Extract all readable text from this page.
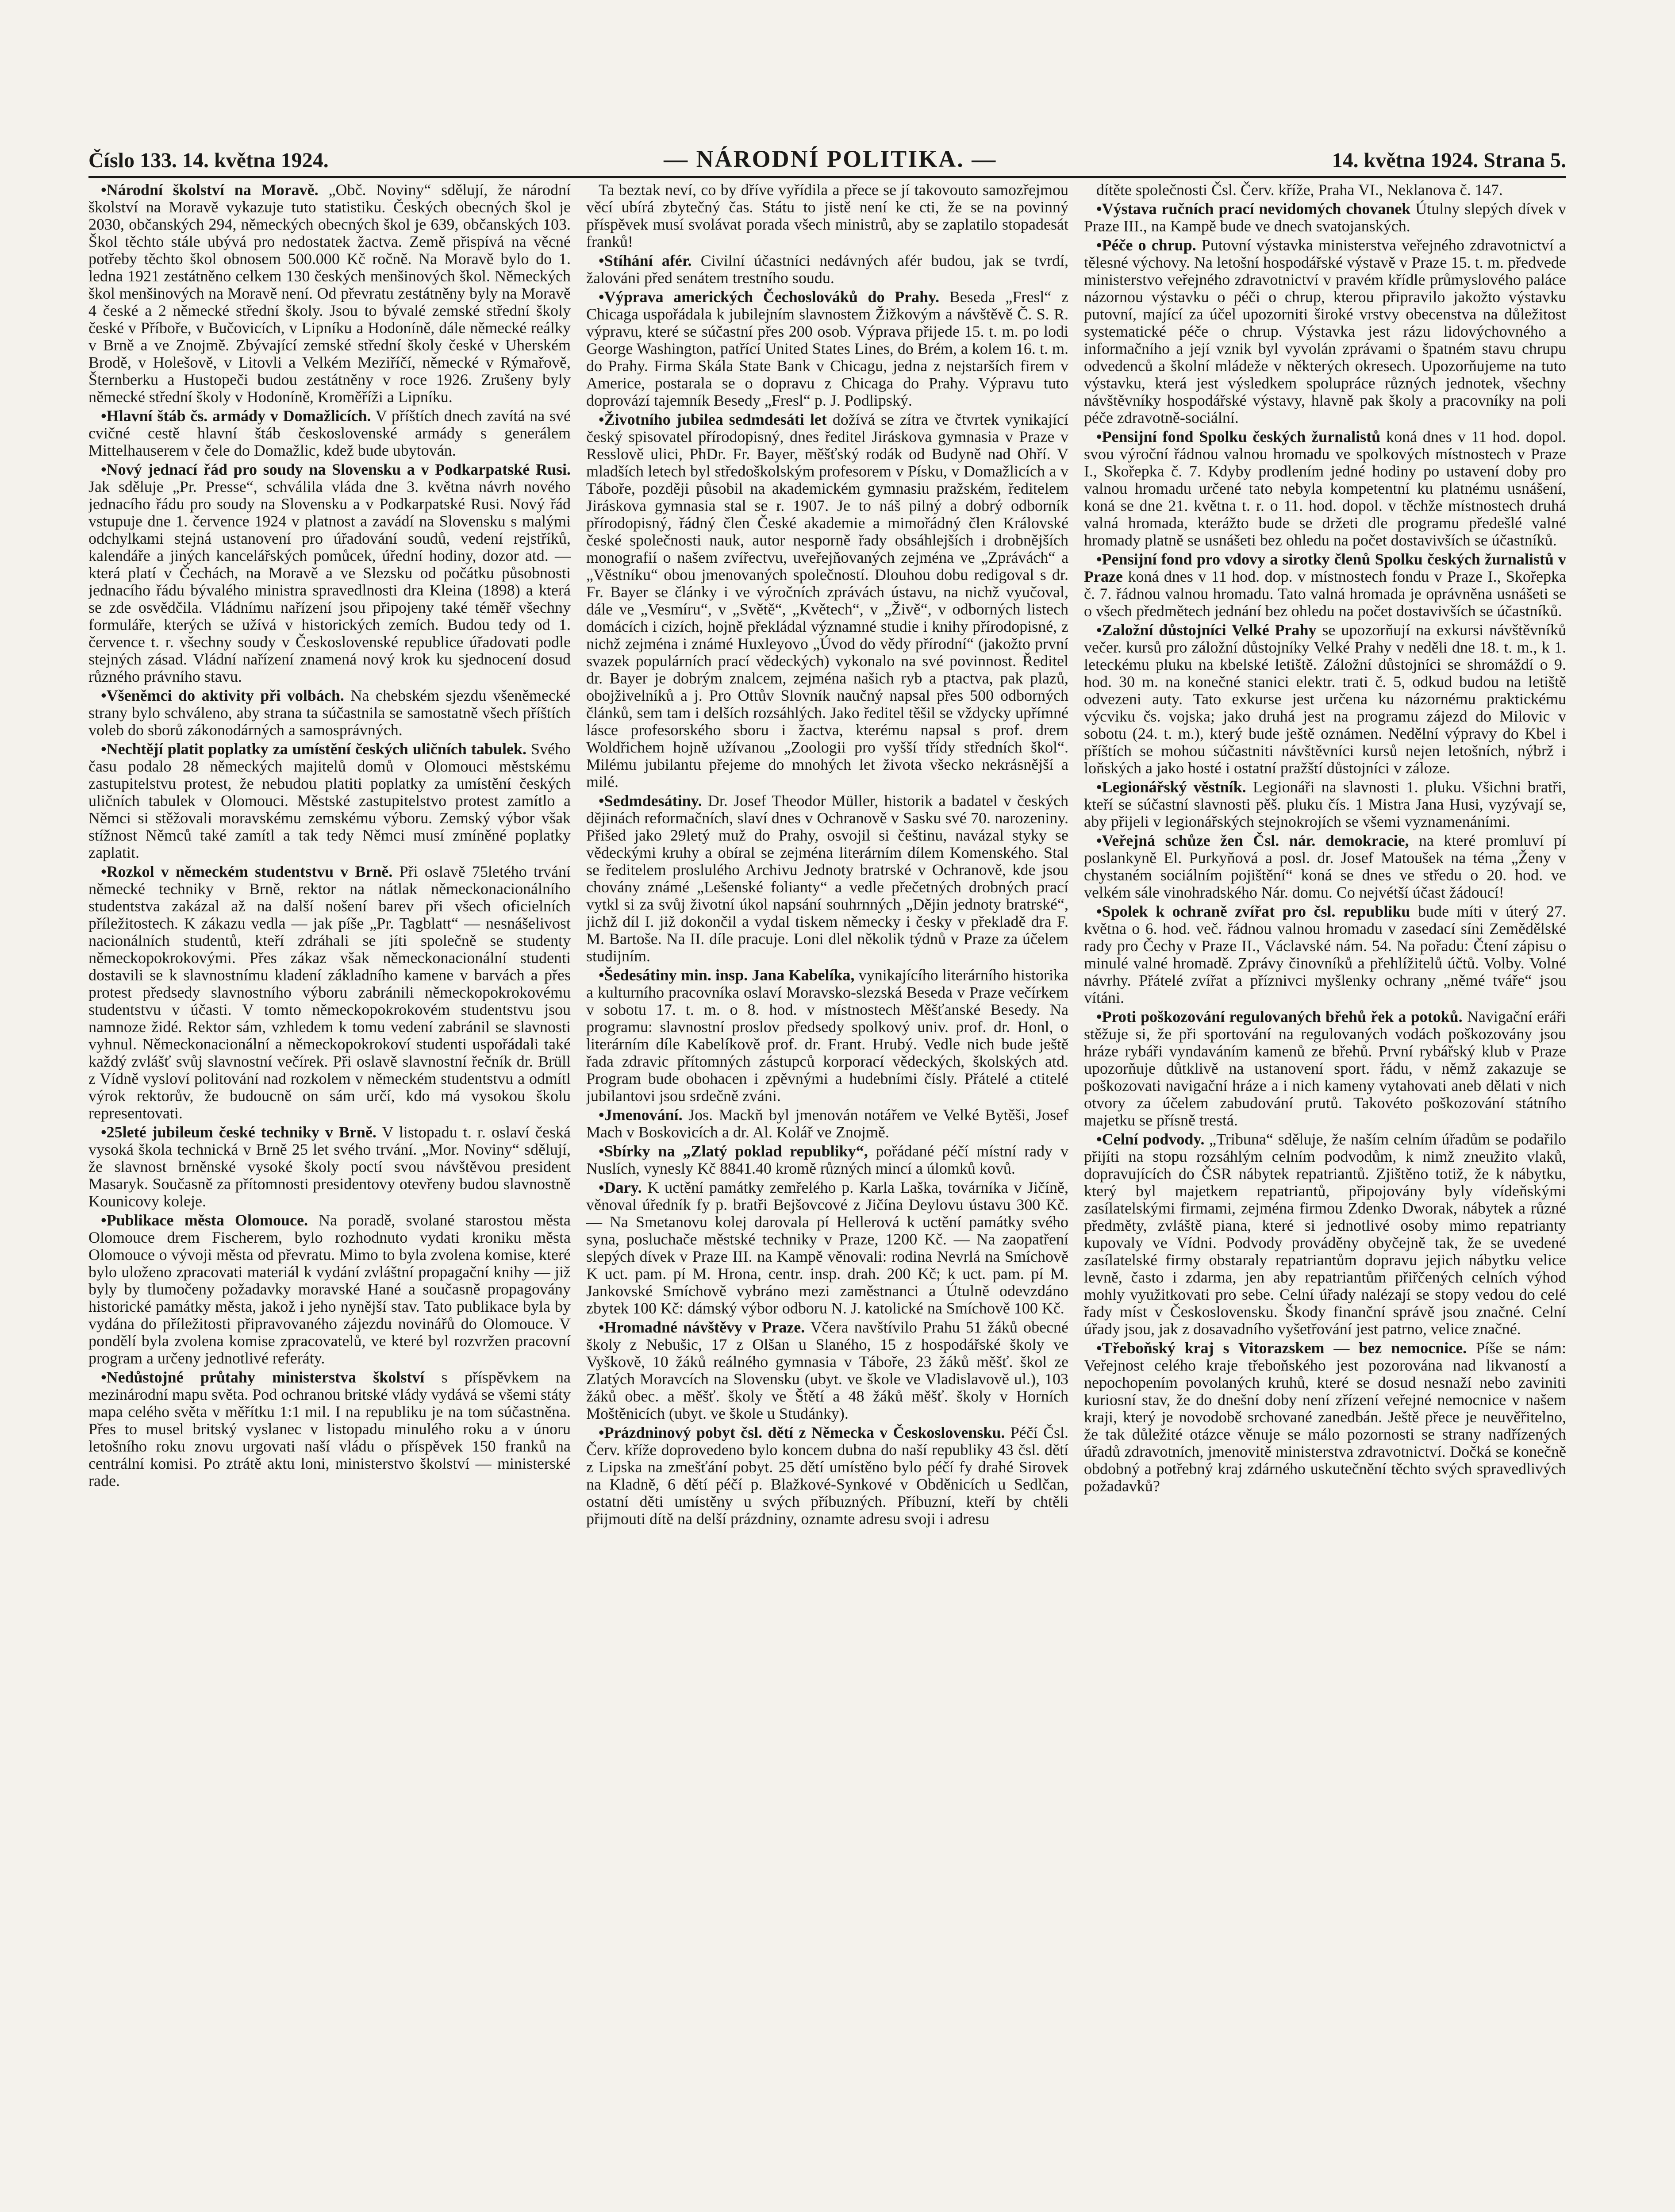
Číslo 133. 14. května 1924.	— NÁRODNÍ POLITIKA. —	14. května 1924. Strana 5.

• Národní školství na Moravě. „Obč. Noviny“ sdělují, že národní školství na Moravě vykazuje tuto statistiku. Českých obecných škol je 2030, občanských 294, německých obecných škol je 639, občanských 103. Škol těchto stále ubývá pro nedostatek žactva. Země přispívá na věcné potřeby těchto škol obnosem 500.000 Kč ročně. Na Moravě bylo do 1. ledna 1921 zestátněno celkem 130 českých menšinových škol. Německých škol menšinových na Moravě není. Od převratu zestátněny byly na Moravě 4 české a 2 německé střední školy. Jsou to bývalé zemské střední školy české v Příboře, v Bučovicích, v Lipníku a Hodoníně, dále německé reálky v Brně a ve Znojmě. Zbývající zemské střední školy české v Uherském Brodě, v Holešově, v Litovli a Velkém Meziříčí, německé v Rýmařově, Šternberku a Hustopeči budou zestátněny v roce 1926. Zrušeny byly německé střední školy v Hodoníně, Kroměříži a Lipníku.

• Hlavní štáb čs. armády v Domažlicích. V příštích dnech zavítá na své cvičné cestě hlavní štáb československé armády s generálem Mittelhauserem v čele do Domažlic, kdež bude ubytován.

• Nový jednací řád pro soudy na Slovensku a v Podkarpatské Rusi. Jak sděluje „Pr. Presse“, schválila vláda dne 3. května návrh nového jednacího řádu pro soudy na Slovensku a v Podkarpatské Rusi. Nový řád vstupuje dne 1. července 1924 v platnost a zavádí na Slovensku s malými odchylkami stejná ustanovení pro úřadování soudů, vedení rejstříků, kalendáře a jiných kancelářských pomůcek, úřední hodiny, dozor atd. — která platí v Čechách, na Moravě a ve Slezsku od počátku působnosti jednacího řádu bývalého ministra spravedlnosti dra Kleina (1898) a která se zde osvědčila. Vládnímu nařízení jsou připojeny také téměř všechny formuláře, kterých se užívá v historických zemích. Budou tedy od 1. července t. r. všechny soudy v Československé republice úřadovati podle stejných zásad. Vládní nařízení znamená nový krok ku sjednocení dosud různého právního stavu.

• Všeněmci do aktivity při volbách. Na chebském sjezdu všeněmecké strany bylo schváleno, aby strana ta súčastnila se samostatně všech příštích voleb do sborů zákonodárných a samosprávných.

• Nechtějí platit poplatky za umístění českých uličních tabulek. Svého času podalo 28 německých majitelů domů v Olomouci městskému zastupitelstvu protest, že nebudou platiti poplatky za umístění českých uličních tabulek v Olomouci. Městské zastupitelstvo protest zamítlo a Němci si stěžovali moravskému zemskému výboru. Zemský výbor však stížnost Němců také zamítl a tak tedy Němci musí zmíněné poplatky zaplatit.

• Rozkol v německém studentstvu v Brně. Při oslavě 75letého trvání německé techniky v Brně, rektor na nátlak německonacionálního studentstva zakázal až na další nošení barev při všech oficielních příležitostech. K zákazu vedla — jak píše „Pr. Tagblatt“ — nesnášelivost nacionálních studentů, kteří zdráhali se jíti společně se studenty německopokrokovými. Přes zákaz však německonacionální studenti dostavili se k slavnostnímu kladení základního kamene v barvách a přes protest předsedy slavnostního výboru zabránili německopokrokovému studentstvu v účasti. V tomto německopokrokovém studentstvu jsou namnoze židé. Rektor sám, vzhledem k tomu vedení zabránil se slavnosti vyhnul. Německonacionální a německopokrokoví studenti uspořádali také každý zvlášť svůj slavnostní večírek. Při oslavě slavnostní řečník dr. Brüll z Vídně vysloví politování nad rozkolem v německém studentstvu a odmítl výrok rektorův, že budoucně on sám určí, kdo má vysokou školu representovati.

• 25leté jubileum české techniky v Brně. V listopadu t. r. oslaví česká vysoká škola technická v Brně 25 let svého trvání. „Mor. Noviny“ sdělují, že slavnost brněnské vysoké školy poctí svou návštěvou president Masaryk. Současně za přítomnosti presidentovy otevřeny budou slavnostně Kounicovy koleje.

• Publikace města Olomouce. Na poradě, svolané starostou města Olomouce drem Fischerem, bylo rozhodnuto vydati kroniku města Olomouce o vývoji města od převratu. Mimo to byla zvolena komise, které bylo uloženo zpracovati materiál k vydání zvláštní propagační knihy — již byly by tlumočeny požadavky moravské Hané a současně propagovány historické památky města, jakož i jeho nynější stav. Tato publikace byla by vydána do příležitosti připravovaného zájezdu novinářů do Olomouce. V pondělí byla zvolena komise zpracovatelů, ve které byl rozvržen pracovní program a určeny jednotlivé referáty.

• Nedůstojné průtahy ministerstva školství s příspěvkem na mezinárodní mapu světa. Pod ochranou britské vlády vydává se všemi státy mapa celého světa v měřítku 1:1 mil. I na republiku je na tom súčastněna. Přes to musel britský vyslanec v listopadu minulého roku a v únoru letošního roku znovu urgovati naší vládu o příspěvek 150 franků na centrální komisi. Po ztrátě aktu loni, ministerstvo školství — ministerské rade.

Ta beztak neví, co by dříve vyřídila a přece se jí takovouto samozřejmou věcí ubírá zbytečný čas. Státu to jistě není ke cti, že se na povinný příspěvek musí svolávat porada všech ministrů, aby se zaplatilo stopadesát franků!

• Stíhání afér. Civilní účastníci nedávných afér budou, jak se tvrdí, žalováni před senátem trestního soudu.

• Výprava amerických Čechoslováků do Prahy. Beseda „Fresl“ z Chicaga uspořádala k jubilejním slavnostem Žižkovým a návštěvě Č. S. R. výpravu, které se súčastní přes 200 osob. Výprava přijede 15. t. m. po lodi George Washington, patřící United States Lines, do Brém, a kolem 16. t. m. do Prahy. Firma Skála State Bank v Chicagu, jedna z nejstarších firem v Americe, postarala se o dopravu z Chicaga do Prahy. Výpravu tuto doprovází tajemník Besedy „Fresl“ p. J. Podlipský.

• Životního jubilea sedmdesáti let dožívá se zítra ve čtvrtek vynikající český spisovatel přírodopisný, dnes ředitel Jiráskova gymnasia v Praze v Resslově ulici, PhDr. Fr. Bayer, měšťský rodák od Budyně nad Ohří. V mladších letech byl středoškolským profesorem v Písku, v Domažlicích a v Táboře, později působil na akademickém gymnasiu pražském, ředitelem Jiráskova gymnasia stal se r. 1907. Je to náš pilný a dobrý odborník přírodopisný, řádný člen České akademie a mimořádný člen Královské české společnosti nauk, autor nesporně řady obsáhlejších i drobnějších monografií o našem zvířectvu, uveřejňovaných zejména ve „Zprávách“ a „Věstníku“ obou jmenovaných společností. Dlouhou dobu redigoval s dr. Fr. Bayer se články i ve výročních zprávách ústavu, na nichž vyučoval, dále ve „Vesmíru“, v „Světě“, „Květech“, v „Živě“, v odborných listech domácích i cizích, hojně překládal významné studie i knihy přírodopisné, z nichž zejména i známé Huxleyovo „Úvod do vědy přírodní“ (jakožto první svazek populárních prací vědeckých) vykonalo na své povinnost. Ředitel dr. Bayer je dobrým znalcem, zejména našich ryb a ptactva, pak plazů, obojživelníků a j. Pro Ottův Slovník naučný napsal přes 500 odborných článků, sem tam i delších rozsáhlých. Jako ředitel těšil se vždycky upřímné lásce profesorského sboru i žactva, kterému napsal s prof. drem Woldřichem hojně užívanou „Zoologii pro vyšší třídy středních škol“. Milému jubilantu přejeme do mnohých let života všecko nekrásnější a milé.

• Sedmdesátiny. Dr. Josef Theodor Müller, historik a badatel v českých dějinách reformačních, slaví dnes v Ochranově v Sasku své 70. narozeniny. Přišed jako 29letý muž do Prahy, osvojil si češtinu, navázal styky se vědeckými kruhy a obíral se zejména literárním dílem Komenského. Stal se ředitelem proslulého Archivu Jednoty bratrské v Ochranově, kde jsou chovány známé „Lešenské folianty“ a vedle přečetných drobných prací vytkl si za svůj životní úkol napsání souhrnných „Dějin jednoty bratrské“, jichž díl I. již dokončil a vydal tiskem německy i česky v překladě dra F. M. Bartoše. Na II. díle pracuje. Loni dlel několik týdnů v Praze za účelem studijním.

• Šedesátiny min. insp. Jana Kabelíka, vynikajícího literárního historika a kulturního pracovníka oslaví Moravsko-slezská Beseda v Praze večírkem v sobotu 17. t. m. o 8. hod. v místnostech Měšťanské Besedy. Na programu: slavnostní proslov předsedy spolkový univ. prof. dr. Honl, o literárním díle Kabelíkově prof. dr. Frant. Hrubý. Vedle nich bude ještě řada zdravic přítomných zástupců korporací vědeckých, školských atd. Program bude obohacen i zpěvnými a hudebními čísly. Přátelé a ctitelé jubilantovi jsou srdečně zváni.

• Jmenování. Jos. Mackň byl jmenován notářem ve Velké Bytěši, Josef Mach v Boskovicích a dr. Al. Kolář ve Znojmě.

• Sbírky na „Zlatý poklad republiky“, pořádané péčí místní rady v Nuslích, vynesly Kč 8841.40 kromě různých mincí a úlomků kovů.

• Dary. K uctění památky zemřelého p. Karla Laška, továrníka v Jičíně, věnoval úředník fy p. bratři Bejšovcové z Jičína Deylovu ústavu 300 Kč. — Na Smetanovu kolej darovala pí Hellerová k uctění památky svého syna, posluchače městské techniky v Praze, 1200 Kč. — Na zaopatření slepých dívek v Praze III. na Kampě věnovali: rodina Nevrlá na Smíchově K uct. pam. pí M. Hrona, centr. insp. drah. 200 Kč; k uct. pam. pí M. Jankovské Smíchově vybráno mezi zaměstnanci a Útulně odevzdáno zbytek 100 Kč: dámský výbor odboru N. J. katolické na Smíchově 100 Kč.

• Hromadné návštěvy v Praze. Včera navštívilo Prahu 51 žáků obecné školy z Nebušic, 17 z Olšan u Slaného, 15 z hospodářské školy ve Vyškově, 10 žáků reálného gymnasia v Táboře, 23 žáků měšť. škol ze Zlatých Moravcích na Slovensku (ubyt. ve škole ve Vladislavově ul.), 103 žáků obec. a měšť. školy ve Štětí a 48 žáků měšť. školy v Horních Moštěnicích (ubyt. ve škole u Studánky).

• Prázdninový pobyt čsl. dětí z Německa v Československu. Péčí Čsl. Červ. kříže doprovedeno bylo koncem dubna do naší republiky 43 čsl. dětí z Lipska na zmešťání pobyt. 25 dětí umístěno bylo péčí fy drahé Sirovek na Kladně, 6 dětí péčí p. Blažkové-Synkové v Obděnicích u Sedlčan, ostatní děti umístěny u svých příbuzných. Příbuzní, kteří by chtěli přijmouti dítě na delší prázdniny, oznamte adresu svoji i adresu

dítěte společnosti Čsl. Červ. kříže, Praha VI., Neklanova č. 147.

• Výstava ručních prací nevidomých chovanek Útulny slepých dívek v Praze III., na Kampě bude ve dnech svatojanských.

• Péče o chrup. Putovní výstavka ministerstva veřejného zdravotnictví a tělesné výchovy. Na letošní hospodářské výstavě v Praze 15. t. m. předvede ministerstvo veřejného zdravotnictví v pravém křídle průmyslového paláce názornou výstavku o péči o chrup, kterou připravilo jakožto výstavku putovní, mající za účel upozorniti široké vrstvy obecenstva na důležitost systematické péče o chrup. Výstavka jest rázu lidovýchovného a informačního a její vznik byl vyvolán zprávami o špatném stavu chrupu odvedenců a školní mládeže v některých okresech. Upozorňujeme na tuto výstavku, která jest výsledkem spolupráce různých jednotek, všechny návštěvníky hospodářské výstavy, hlavně pak školy a pracovníky na poli péče zdravotně-sociální.

• Pensijní fond Spolku českých žurnalistů koná dnes v 11 hod. dopol. svou výroční řádnou valnou hromadu ve spolkových místnostech v Praze I., Skořepka č. 7. Kdyby prodlením jedné hodiny po ustavení doby pro valnou hromadu určené tato nebyla kompetentní ku platnému usnášení, koná se dne 21. května t. r. o 11. hod. dopol. v těchže místnostech druhá valná hromada, kterážto bude se držeti dle programu předešlé valné hromady platně se usnášeti bez ohledu na počet dostavivších se účastníků.

• Pensijní fond pro vdovy a sirotky členů Spolku českých žurnalistů v Praze koná dnes v 11 hod. dop. v místnostech fondu v Praze I., Skořepka č. 7. řádnou valnou hromadu. Tato valná hromada je oprávněna usnášeti se o všech předmětech jednání bez ohledu na počet dostavivších se účastníků.

• Založní důstojníci Velké Prahy se upozorňují na exkursi návštěvníků večer. kursů pro záložní důstojníky Velké Prahy v neděli dne 18. t. m., k 1. leteckému pluku na kbelské letiště. Záložní důstojníci se shromáždí o 9. hod. 30 m. na konečné stanici elektr. trati č. 5, odkud budou na letiště odvezeni auty. Tato exkurse jest určena ku názornému praktickému výcviku čs. vojska; jako druhá jest na programu zájezd do Milovic v sobotu (24. t. m.), který bude ještě oznámen. Nedělní výpravy do Kbel i příštích se mohou súčastniti návštěvníci kursů nejen letošních, nýbrž i loňských a jako hosté i ostatní pražští důstojníci v záloze.

• Legionářský věstník. Legionáři na slavnosti 1. pluku. Všichni bratři, kteří se súčastní slavnosti pěš. pluku čís. 1 Mistra Jana Husi, vyzývají se, aby přijeli v legionářských stejnokrojích se všemi vyznamenáními.

• Veřejná schůze žen Čsl. nár. demokracie, na které promluví pí poslankyně El. Purkyňová a posl. dr. Josef Matoušek na téma „Ženy v chystaném sociálním pojištění“ koná se dnes ve středu o 20. hod. ve velkém sále vinohradského Nár. domu. Co nejvétší účast žádoucí!

• Spolek k ochraně zvířat pro čsl. republiku bude míti v úterý 27. května o 6. hod. več. řádnou valnou hromadu v zasedací síni Zemědělské rady pro Čechy v Praze II., Václavské nám. 54. Na pořadu: Čtení zápisu o minulé valné hromadě. Zprávy činovníků a přehlížitelů účtů. Volby. Volné návrhy. Přátelé zvířat a příznivci myšlenky ochrany „němé tváře“ jsou vítáni.

• Proti poškozování regulovaných břehů řek a potoků. Navigační eráři stěžuje si, že při sportování na regulovaných vodách poškozovány jsou hráze rybáři vyndaváním kamenů ze břehů. První rybářský klub v Praze upozorňuje důtklivě na ustanovení sport. řádu, v němž zakazuje se poškozovati navigační hráze a i nich kameny vytahovati aneb dělati v nich otvory za účelem zabudování prutů. Takovéto poškozování státního majetku se přísně trestá.

• Celní podvody. „Tribuna“ sděluje, že naším celním úřadům se podařilo přijíti na stopu rozsáhlým celním podvodům, k nimž zneužito vlaků, dopravujících do ČSR nábytek repatriantů. Zjištěno totiž, že k nábytku, který byl majetkem repatriantů, připojovány byly vídeňskými zasílatelskými firmami, zejména firmou Zdenko Dworak, nábytek a různé předměty, zvláště piana, které si jednotlivé osoby mimo repatrianty kupovaly ve Vídni. Podvody prováděny obyčejně tak, že se uvedené zasílatelské firmy obstaraly repatriantům dopravu jejich nábytku velice levně, často i zdarma, jen aby repatriantům přiřčených celních výhod mohly využitkovati pro sebe. Celní úřady nalézají se stopy vedou do celé řady míst v Československu. Škody finanční správě jsou značné. Celní úřady jsou, jak z dosavadního vyšetřování jest patrno, velice značné.

• Třeboňský kraj s Vitorazskem — bez nemocnice. Píše se nám: Veřejnost celého kraje třeboňského jest pozorována nad likvaností a nepochopením povolaných kruhů, které se dosud nesnaží nebo zaviniti kuriosní stav, že do dnešní doby není zřízení veřejné nemocnice v našem kraji, který je novodobě srchované zanedbán. Ještě přece je neuvěřitelno, že tak důležité otázce věnuje se málo pozornosti se strany nadřízených úřadů zdravotních, jmenovitě ministerstva zdravotnictví. Dočká se konečně obdobný a potřebný kraj zdárného uskutečnění těchto svých spravedlivých požadavků?
